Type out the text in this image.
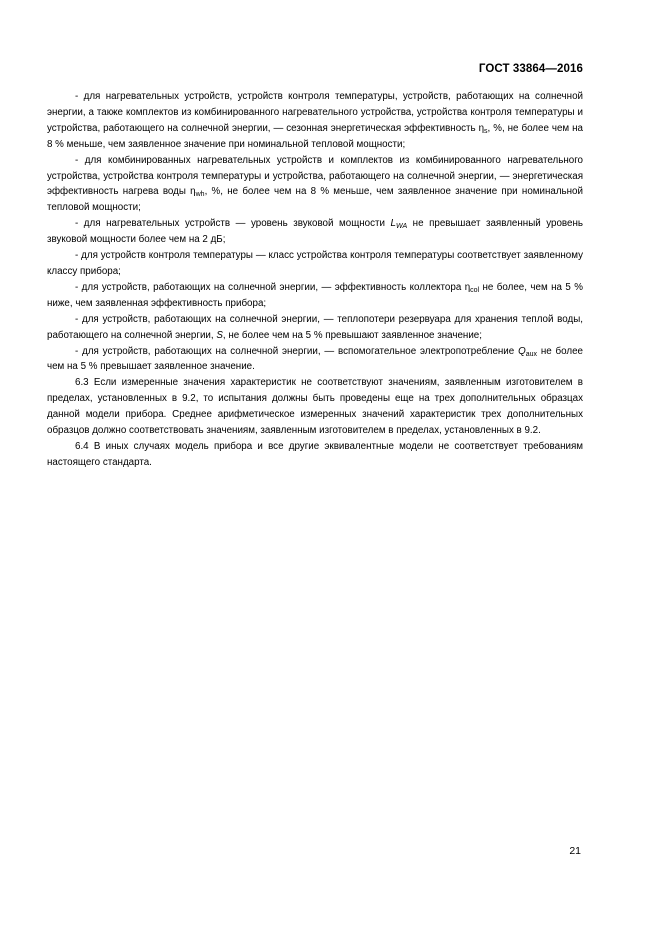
ГОСТ 33864—2016

- для нагревательных устройств, устройств контроля температуры, устройств, работающих на солнечной энергии, а также комплектов из комбинированного нагревательного устройства, устройства контроля температуры и устройства, работающего на солнечной энергии, — сезонная энергетическая эффективность $\eta_s$, %, не более чем на 8 % меньше, чем заявленное значение при номинальной тепловой мощности;

- для комбинированных нагревательных устройств и комплектов из комбинированного нагревательного устройства, устройства контроля температуры и устройства, работающего на солнечной энергии, — энергетическая эффективность нагрева воды $\eta_{wh}$, %, не более чем на 8 % меньше, чем заявленное значение при номинальной тепловой мощности;

- для нагревательных устройств — уровень звуковой мощности $L_{WA}$ не превышает заявленный уровень звуковой мощности более чем на 2 дБ;

- для устройств контроля температуры — класс устройства контроля температуры соответствует заявленному классу прибора;

- для устройств, работающих на солнечной энергии, — эффективность коллектора $\eta_{col}$ не более, чем на 5 % ниже, чем заявленная эффективность прибора;

- для устройств, работающих на солнечной энергии, — теплопотери резервуара для хранения теплой воды, работающего на солнечной энергии, S, не более чем на 5 % превышают заявленное значение;

- для устройств, работающих на солнечной энергии, — вспомогательное электропотребление $Q_{aux}$ не более чем на 5 % превышает заявленное значение.

6.3 Если измеренные значения характеристик не соответствуют значениям, заявленным изготовителем в пределах, установленных в 9.2, то испытания должны быть проведены еще на трех дополнительных образцах данной модели прибора. Среднее арифметическое измеренных значений характеристик трех дополнительных образцов должно соответствовать значениям, заявленным изготовителем в пределах, установленных в 9.2.

6.4 В иных случаях модель прибора и все другие эквивалентные модели не соответствует требованиям настоящего стандарта.

21
